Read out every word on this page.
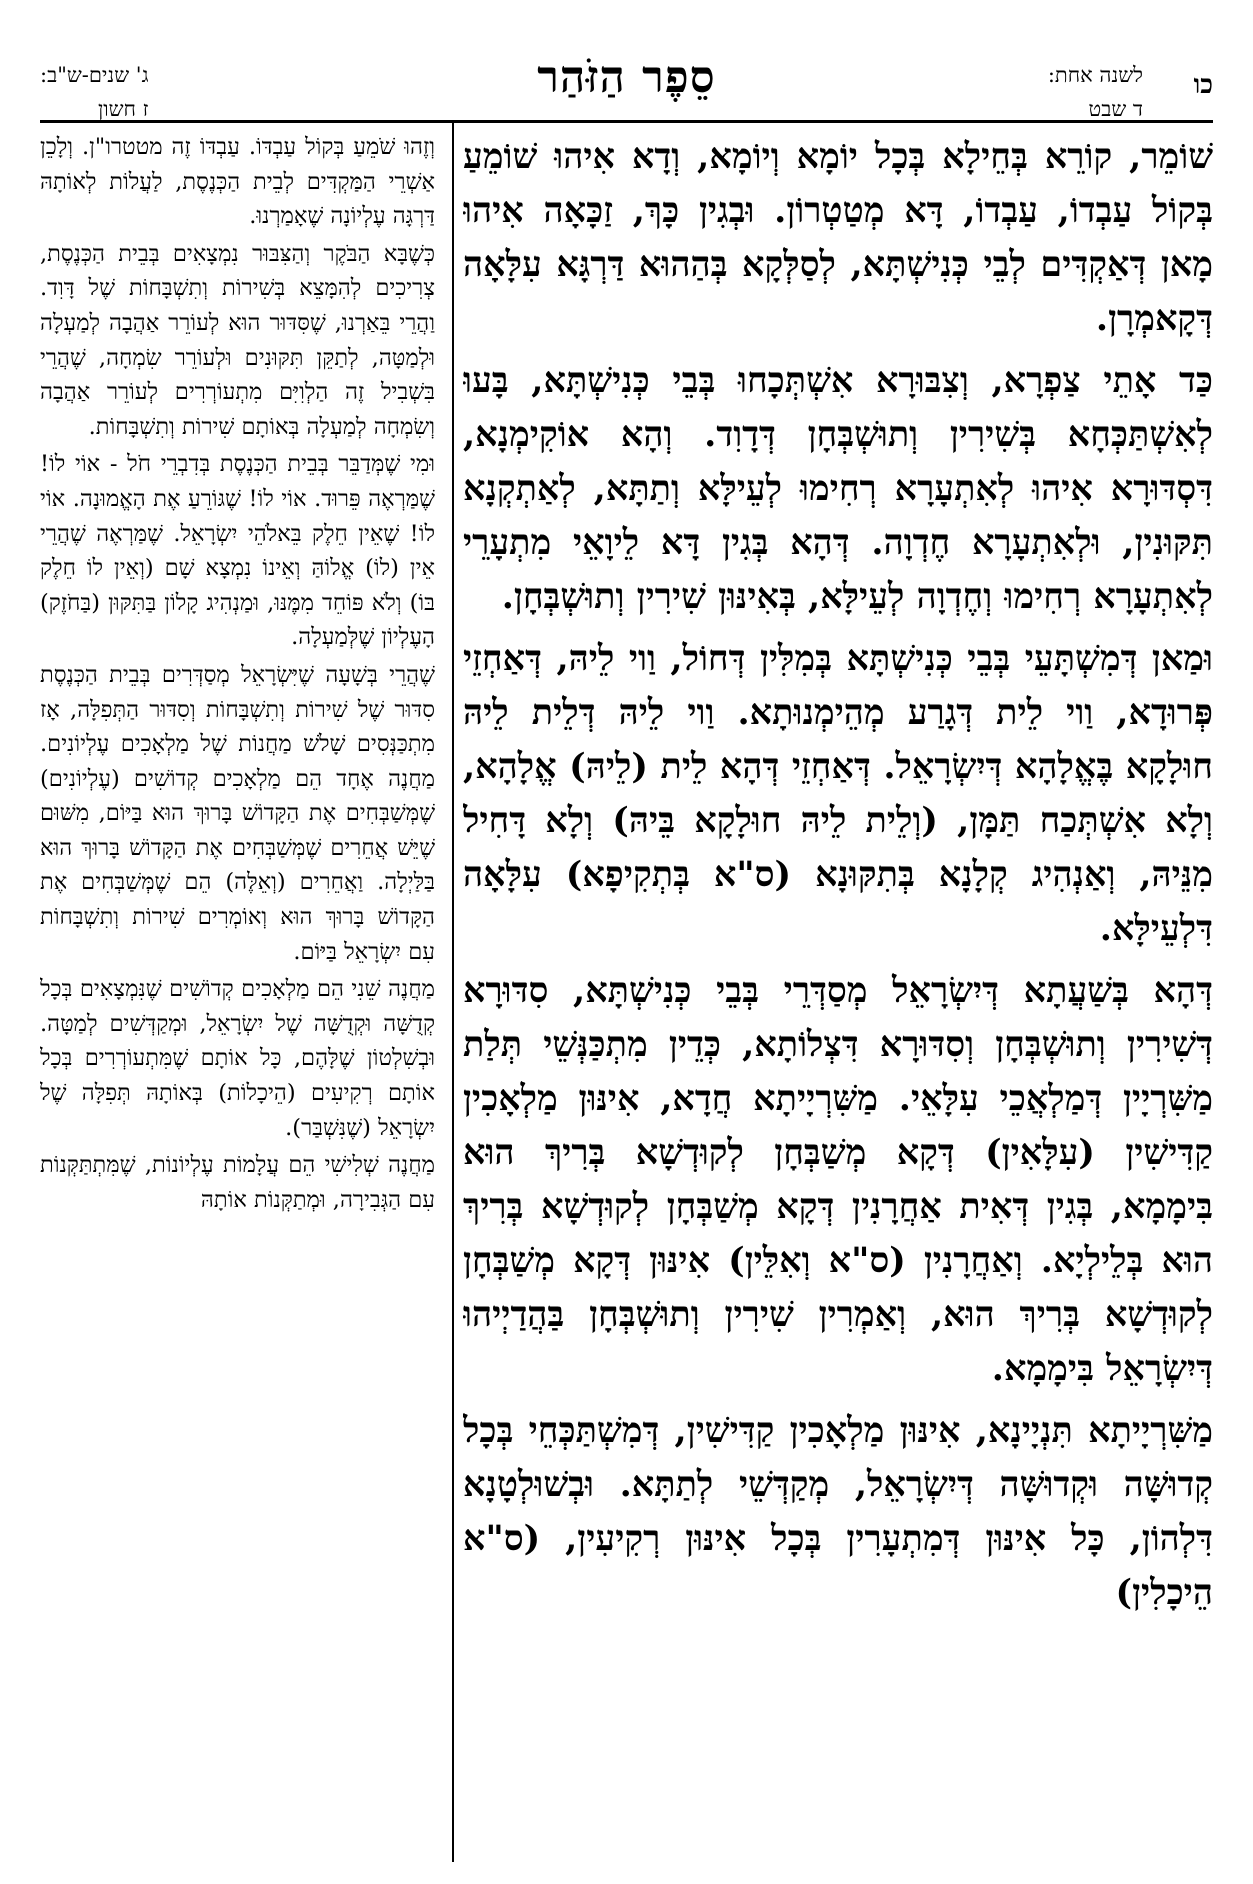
כו
לשנה אחת:
ד שבט
סֵפֶר הַזֹּהַר
ג' שנים-ש"ב:
ז חשון

שׁוֹמֵר, קוֹרֵא בְּחֵילָא בְּכָל יוֹמָא וְיוֹמָא, וְדָא אִיהוּ שׁוֹמֵעַ בְּקוֹל עַבְדוֹ, עַבְדוֹ, דָּא מְטַטְרוֹן. וּבְגִין כָּךְ, זַכָּאָה אִיהוּ מָאן דְּאַקְדִּים לְבֵי כְּנִישְׁתָּא, לְסַלְּקָא בְּהַהוּא דַּרְגָּא עִלָּאָה דְּקָאמְרָן.

כַּד אָתֵי צַפְרָא, וְצִבּוּרָא אִשְׁתְּכָחוּ בְּבֵי כְּנִישְׁתָּא, בָּעוּ לְאִשְׁתַּכְּחָא בְּשִׁירִין וְתוּשְׁבְּחָן דְּדָוִד. וְהָא אוֹקִימְנָא, דִּסְדּוּרָא אִיהוּ לְאִתְעָרָא רְחִימוּ לְעֵילָּא וְתַתָּא, לְאַתְקְנָא תִּקּוּנִין, וּלְאִתְעָרָא חֶדְוָה. דְּהָא בְּגִין דָּא לֵיוָאֵי מִתְעָרֵי לְאִתְעָרָא רְחִימוּ וְחֶדְוָה לְעֵילָּא, בְּאִינּוּן שִׁירִין וְתוּשְׁבְּחָן.

וּמַאן דְּמִשְׁתָּעֵי בְּבֵי כְּנִישְׁתָּא בְּמִלִּין דְּחוֹל, וַוי לֵיהּ, דְּאַחְזֵי פְּרוּדָא, וַוי לֵית דְּגָרַע מְהֵימְנוּתָא. וַוי לֵיהּ דְּלֵית לֵיהּ חוּלָקָא בֶּאֱלָהָא דְּיִשְׂרָאֵל. דְּאַחְזֵי דְּהָא לֵית (לֵיהּ) אֱלָהָא, וְלָא אִשְׁתְּכַח תַּמָּן, (וְלֵית לֵיהּ חוּלָקָא בֵּיהּ) וְלָא דָּחִיל מִנֵּיהּ, וְאַנְהִיג קְלָנָא בְּתִקּוּנָא (ס"א בְּתְקִיפָא) עִלָּאָה דִּלְעֵילָּא.

דְּהָא בְּשַׁעֲתָא דְּיִשְׂרָאֵל מְסַדְּרֵי בְּבֵי כְּנִישְׁתָּא, סִדּוּרָא דְּשִׁירִין וְתוּשְׁבְּחָן וְסִדּוּרָא דִּצְלוֹתָא, כְּדֵין מִתְכַּנְּשֵׁי תְּלַת מַשִּׁרְיָין דְּמַלְאֲכֵי עִלָּאֵי. מַשִּׁרְיָיתָא חֲדָא, אִינּוּן מַלְאָכִין קַדִּישִׁין (עִלָּאִין) דְּקָא מְשַׁבְּחָן לְקוּדְשָׁא בְּרִיךְ הוּא בִּימָמָא, בְּגִין דְּאִית אַחֲרָנִין דְּקָא מְשַׁבְּחָן לְקוּדְשָׁא בְּרִיךְ הוּא בְּלֵילְיָא. וְאַחֲרָנִין (ס"א וְאִלֵּין) אִינּוּן דְּקָא מְשַׁבְּחָן לְקוּדְשָׁא בְּרִיךְ הוּא, וְאַמְרִין שִׁירִין וְתוּשְׁבְּחָן בַּהֲדַיְיהוּ דְּיִשְׂרָאֵל בִּימָמָא.

מַשִּׁרְיָיתָא תִּנְיָינָא, אִינּוּן מַלְאָכִין קַדִּישִׁין, דְּמִשְׁתַּכְּחֵי בְּכָל קְדוּשָּׁה וּקְדוּשָּׁה דְּיִשְׂרָאֵל, מְקַדְּשֵׁי לְתַתָּא. וּבְשׁוּלְטָנָא דִּלְהוֹן, כָּל אִינּוּן דְּמִתְעָרִין בְּכָל אִינּוּן רְקִיעִין, (ס"א הֵיכָלִין)

וְזֶהוּ שֹׁמֵעַ בְּקוֹל עַבְדּוֹ. עַבְדּוֹ זֶה מטטרו"ן. וְלָכֵן אַשְׁרֵי הַמַּקְדִּים לְבֵית הַכְּנֶסֶת, לַעֲלוֹת לְאוֹתָהּ דַּרְגָּה עֶלְיוֹנָה שֶׁאָמַרְנוּ.

כְּשֶׁבָּא הַבֹּקֶר וְהַצִּבּוּר נִמְצָאִים בְּבֵית הַכְּנֶסֶת, צְרִיכִים לְהִמָּצֵא בְּשִׁירוֹת וְתִשְׁבָּחוֹת שֶׁל דָּוִד. וַהֲרֵי בֵּאַרְנוּ, שֶׁסִּדּוּר הוּא לְעוֹרֵר אַהֲבָה לְמַעְלָה וּלְמַטָּה, לְתַקֵּן תִּקּוּנִים וּלְעוֹרֵר שִׂמְחָה, שֶׁהֲרֵי בִּשְׁבִיל זֶה הַלְוִיִּם מִתְעוֹרְרִים לְעוֹרֵר אַהֲבָה וְשִׂמְחָה לְמַעְלָה בְּאוֹתָם שִׁירוֹת וְתִשְׁבָּחוֹת.

וּמִי שֶׁמְּדַבֵּר בְּבֵית הַכְּנֶסֶת בְּדִבְרֵי חֹל - אוֹי לוֹ! שֶׁמַּרְאֶה פֵּרוּד. אוֹי לוֹ! שֶׁגּוֹרֵעַ אֶת הָאֱמוּנָה. אוֹי לוֹ! שֶׁאֵין חֵלֶק בֵּאלֹהֵי יִשְׂרָאֵל. שֶׁמַּרְאֶה שֶׁהֲרֵי אֵין (לוֹ) אֱלוֹהַּ וְאֵינוֹ נִמְצָא שָׁם (וְאֵין לוֹ חֵלֶק בּוֹ) וְלֹא פּוֹחֵד מִמֶּנּוּ, וּמַנְהִיג קָלוֹן בַּתִּקּוּן (בַּחֹזֶק) הָעֶלְיוֹן שֶׁלְּמַעְלָה.

שֶׁהֲרֵי בְּשָׁעָה שֶׁיִּשְׂרָאֵל מְסַדְּרִים בְּבֵית הַכְּנֶסֶת סִדּוּר שֶׁל שִׁירוֹת וְתִשְׁבָּחוֹת וְסִדּוּר הַתְּפִלָּה, אָז מִתְכַּנְּסִים שָׁלֹשׁ מַחֲנוֹת שֶׁל מַלְאָכִים עֶלְיוֹנִים. מַחֲנֶה אֶחָד הֵם מַלְאָכִים קְדוֹשִׁים (עֶלְיוֹנִים) שֶׁמְּשַׁבְּחִים אֶת הַקָּדוֹשׁ בָּרוּךְ הוּא בַּיּוֹם, מִשּׁוּם שֶׁיֵּשׁ אֲחֵרִים שֶׁמְּשַׁבְּחִים אֶת הַקָּדוֹשׁ בָּרוּךְ הוּא בַּלַּיְלָה. וַאֲחֵרִים (וְאֵלֶּה) הֵם שֶׁמְּשַׁבְּחִים אֶת הַקָּדוֹשׁ בָּרוּךְ הוּא וְאוֹמְרִים שִׁירוֹת וְתִשְׁבָּחוֹת עִם יִשְׂרָאֵל בַּיּוֹם.

מַחֲנֶה שֵׁנִי הֵם מַלְאָכִים קְדוֹשִׁים שֶׁנִּמְצָאִים בְּכָל קְדֻשָּׁה וּקְדֻשָּׁה שֶׁל יִשְׂרָאֵל, וּמְקַדְּשִׁים לְמַטָּה. וּבְשִׁלְטוֹן שֶׁלָּהֶם, כָּל אוֹתָם שֶׁמִּתְעוֹרְרִים בְּכָל אוֹתָם רְקִיעִים (הֵיכָלוֹת) בְּאוֹתָהּ תְּפִלָּה שֶׁל יִשְׂרָאֵל (שֶׁנִּשְׁבַּר).

מַחֲנֶה שְׁלִישִׁי הֵם עֲלָמוֹת עֶלְיוֹנוֹת, שֶׁמִּתְתַּקְּנוֹת עִם הַגְּבִירָה, וּמְתַקְּנוֹת אוֹתָהּ
